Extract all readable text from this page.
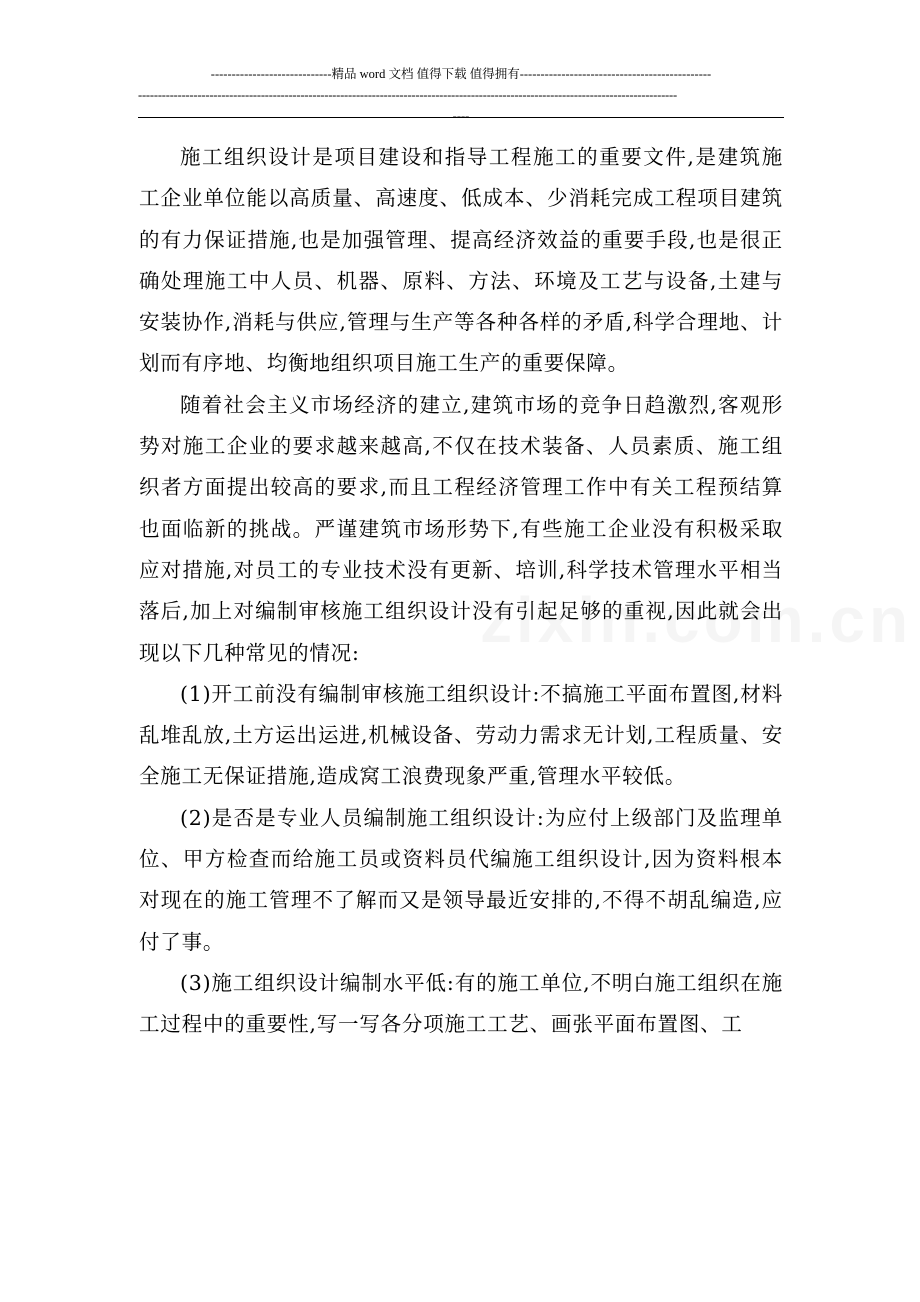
-----------------------------精品 word 文档 值得下载 值得拥有----------------------------------------------
----------------------------------------------------------------------------------------------------------------------------------------
----

施工组织设计是项目建设和指导工程施工的重要文件,是建筑施工企业单位能以高质量、高速度、低成本、少消耗完成工程项目建筑的有力保证措施,也是加强管理、提高经济效益的重要手段,也是很正确处理施工中人员、机器、原料、方法、环境及工艺与设备,土建与安装协作,消耗与供应,管理与生产等各种各样的矛盾,科学合理地、计划而有序地、均衡地组织项目施工生产的重要保障。

随着社会主义市场经济的建立,建筑市场的竞争日趋激烈,客观形势对施工企业的要求越来越高,不仅在技术装备、人员素质、施工组织者方面提出较高的要求,而且工程经济管理工作中有关工程预结算也面临新的挑战。严谨建筑市场形势下,有些施工企业没有积极采取应对措施,对员工的专业技术没有更新、培训,科学技术管理水平相当落后,加上对编制审核施工组织设计没有引起足够的重视,因此就会出现以下几种常见的情况:

(1)开工前没有编制审核施工组织设计:不搞施工平面布置图,材料乱堆乱放,土方运出运进,机械设备、劳动力需求无计划,工程质量、安全施工无保证措施,造成窝工浪费现象严重,管理水平较低。

(2)是否是专业人员编制施工组织设计:为应付上级部门及监理单位、甲方检查而给施工员或资料员代编施工组织设计,因为资料根本对现在的施工管理不了解而又是领导最近安排的,不得不胡乱编造,应付了事。

(3)施工组织设计编制水平低:有的施工单位,不明白施工组织在施工过程中的重要性,写一写各分项施工工艺、画张平面布置图、工
